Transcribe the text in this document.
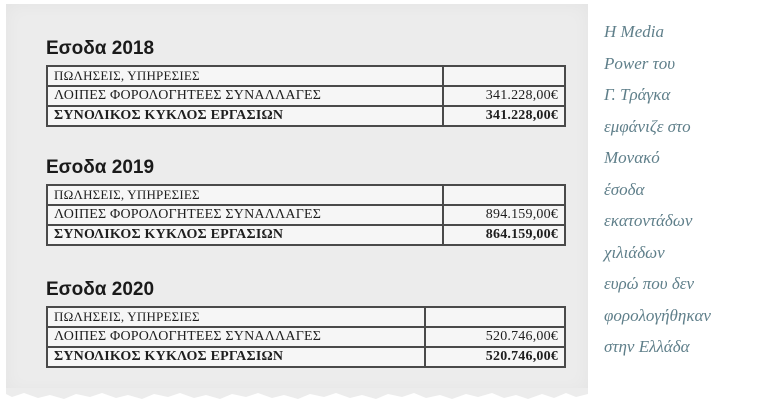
Εσοδα 2018
ΠΩΛΗΣΕΙΣ, ΥΠΗΡΕΣΙΕΣ	
ΛΟΙΠΕΣ ΦΟΡΟΛΟΓΗΤΕΕΣ ΣΥΝΑΛΛΑΓΕΣ	341.228,00€
ΣΥΝΟΛΙΚΟΣ ΚΥΚΛΟΣ ΕΡΓΑΣΙΩΝ	341.228,00€
Εσοδα 2019
ΠΩΛΗΣΕΙΣ, ΥΠΗΡΕΣΙΕΣ	
ΛΟΙΠΕΣ ΦΟΡΟΛΟΓΗΤΕΕΣ ΣΥΝΑΛΛΑΓΕΣ	894.159,00€
ΣΥΝΟΛΙΚΟΣ ΚΥΚΛΟΣ ΕΡΓΑΣΙΩΝ	864.159,00€
Εσοδα 2020
ΠΩΛΗΣΕΙΣ, ΥΠΗΡΕΣΙΕΣ	
ΛΟΙΠΕΣ ΦΟΡΟΛΟΓΗΤΕΕΣ ΣΥΝΑΛΛΑΓΕΣ	520.746,00€
ΣΥΝΟΛΙΚΟΣ ΚΥΚΛΟΣ ΕΡΓΑΣΙΩΝ	520.746,00€
Η Media
Power του
Γ. Τράγκα
εμφάνιζε στο
Μονακό
έσοδα
εκατοντάδων
χιλιάδων
ευρώ που δεν
φορολογήθηκαν
στην Ελλάδα
